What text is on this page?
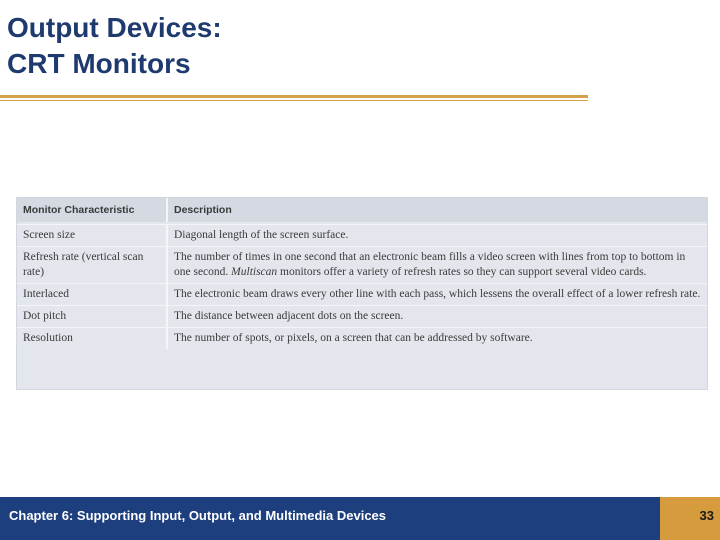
Output Devices:
CRT Monitors
Monitor Characteristic	Description

Screen size	Diagonal length of the screen surface.
Refresh rate (vertical scan rate)	The number of times in one second that an electronic beam fills a video screen with lines from top to bottom in one second. Multiscan monitors offer a variety of refresh rates so they can support several video cards.
Interlaced	The electronic beam draws every other line with each pass, which lessens the overall effect of a lower refresh rate.
Dot pitch	The distance between adjacent dots on the screen.
Resolution	The number of spots, or pixels, on a screen that can be addressed by software.
Chapter 6: Supporting Input, Output, and Multimedia Devices	33
